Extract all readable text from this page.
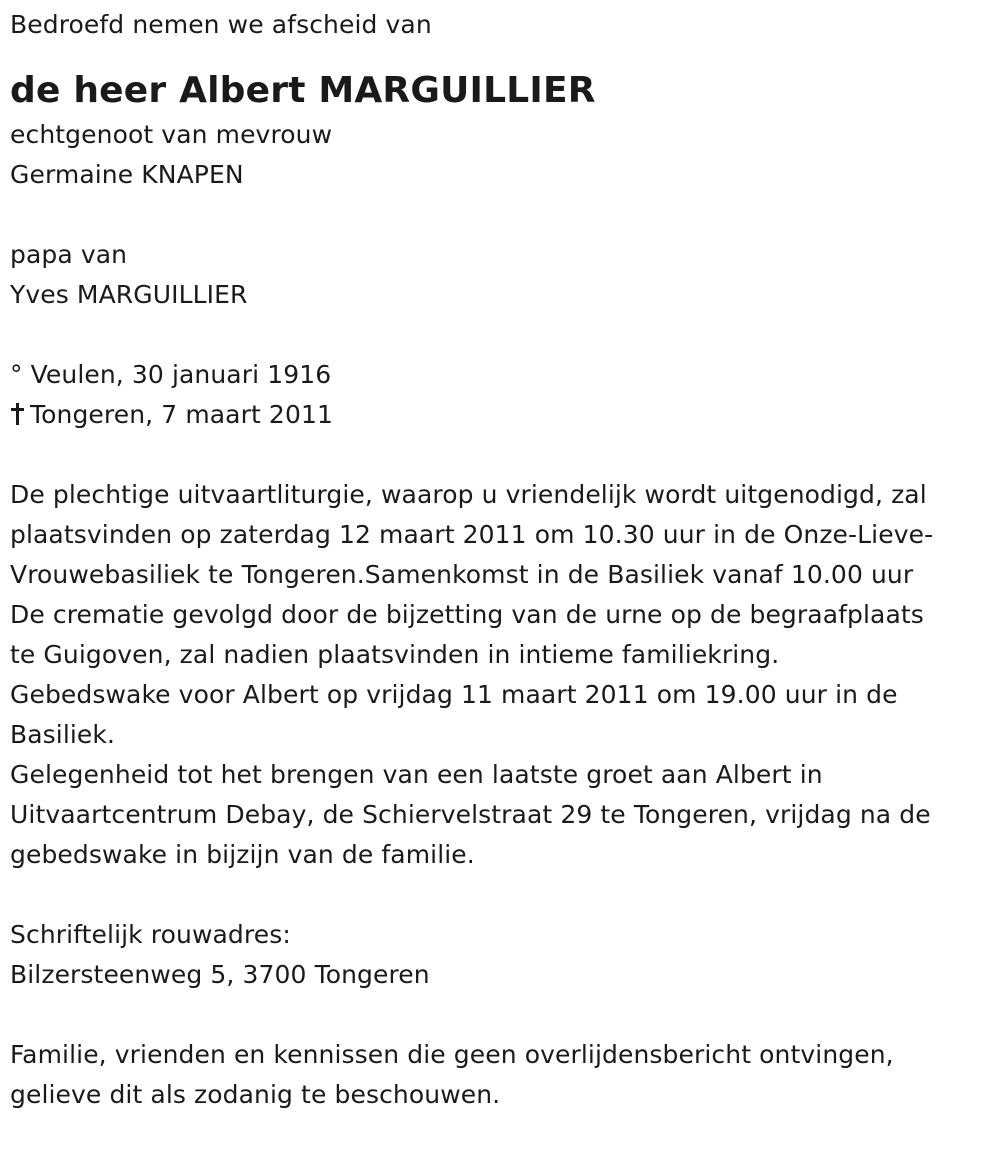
Bedroefd nemen we afscheid van
de heer Albert MARGUILLIER
echtgenoot van mevrouw
Germaine KNAPEN
papa van
Yves MARGUILLIER
° Veulen, 30 januari 1916
Tongeren, 7 maart 2011

De plechtige uitvaartliturgie, waarop u vriendelijk wordt uitgenodigd, zal
plaatsvinden op zaterdag 12 maart 2011 om 10.30 uur in de Onze-Lieve-
Vrouwebasiliek te Tongeren.Samenkomst in de Basiliek vanaf 10.00 uur
De crematie gevolgd door de bijzetting van de urne op de begraafplaats
te Guigoven, zal nadien plaatsvinden in intieme familiekring.
Gebedswake voor Albert op vrijdag 11 maart 2011 om 19.00 uur in de
Basiliek.
Gelegenheid tot het brengen van een laatste groet aan Albert in
Uitvaartcentrum Debay, de Schiervelstraat 29 te Tongeren, vrijdag na de
gebedswake in bijzijn van de familie.

Schriftelijk rouwadres:
Bilzersteenweg 5, 3700 Tongeren

Familie, vrienden en kennissen die geen overlijdensbericht ontvingen,
gelieve dit als zodanig te beschouwen.
